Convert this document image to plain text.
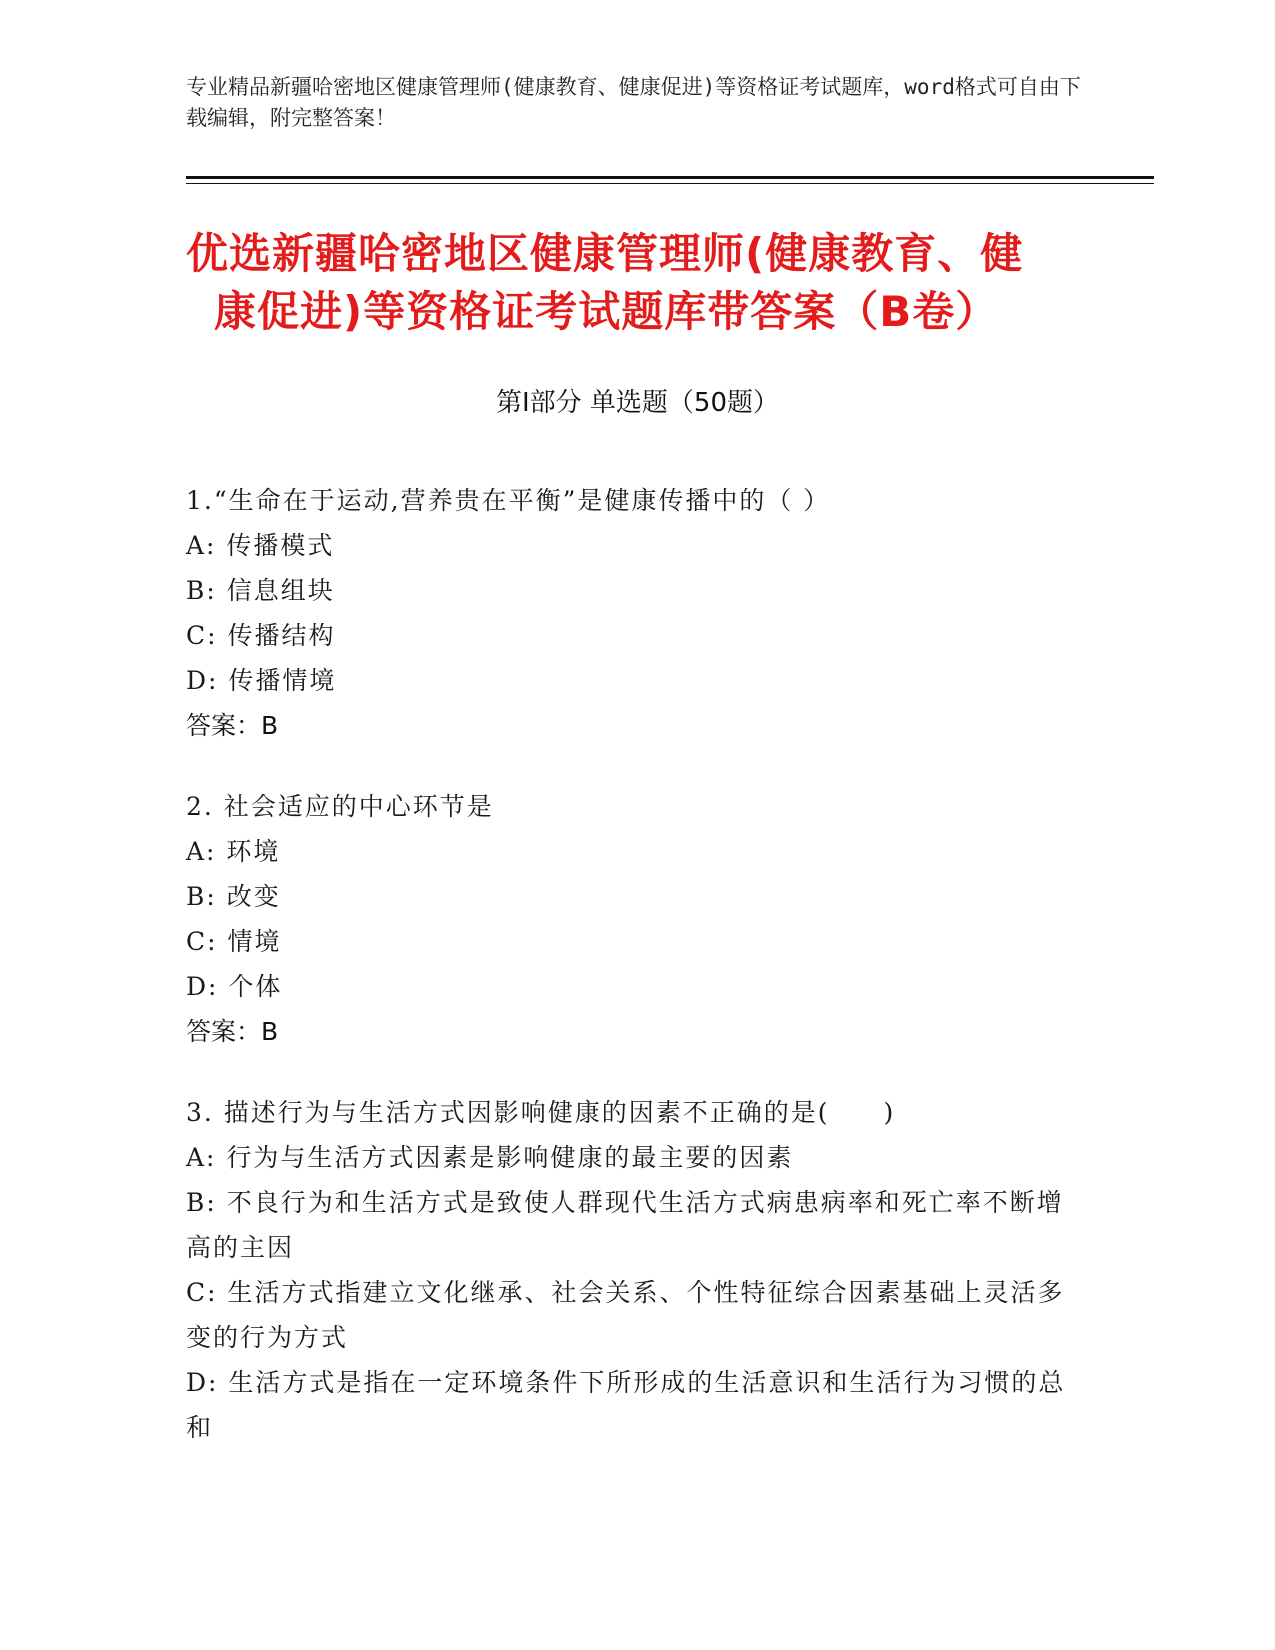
专业精品新疆哈密地区健康管理师(健康教育、健康促进)等资格证考试题库，word格式可自由下载编辑，附完整答案！
优选新疆哈密地区健康管理师(健康教育、健
康促进)等资格证考试题库带答案（B卷）
第Ⅰ部分 单选题（50题）
1.“生命在于运动,营养贵在平衡”是健康传播中的（ ）
A: 传播模式
B: 信息组块
C: 传播结构
D: 传播情境
答案：B
2. 社会适应的中心环节是
A: 环境
B: 改变
C: 情境
D: 个体
答案：B
3. 描述行为与生活方式因影响健康的因素不正确的是(　　)
A: 行为与生活方式因素是影响健康的最主要的因素
B: 不良行为和生活方式是致使人群现代生活方式病患病率和死亡率不断增高的主因
C: 生活方式指建立文化继承、社会关系、个性特征综合因素基础上灵活多变的行为方式
D: 生活方式是指在一定环境条件下所形成的生活意识和生活行为习惯的总和
